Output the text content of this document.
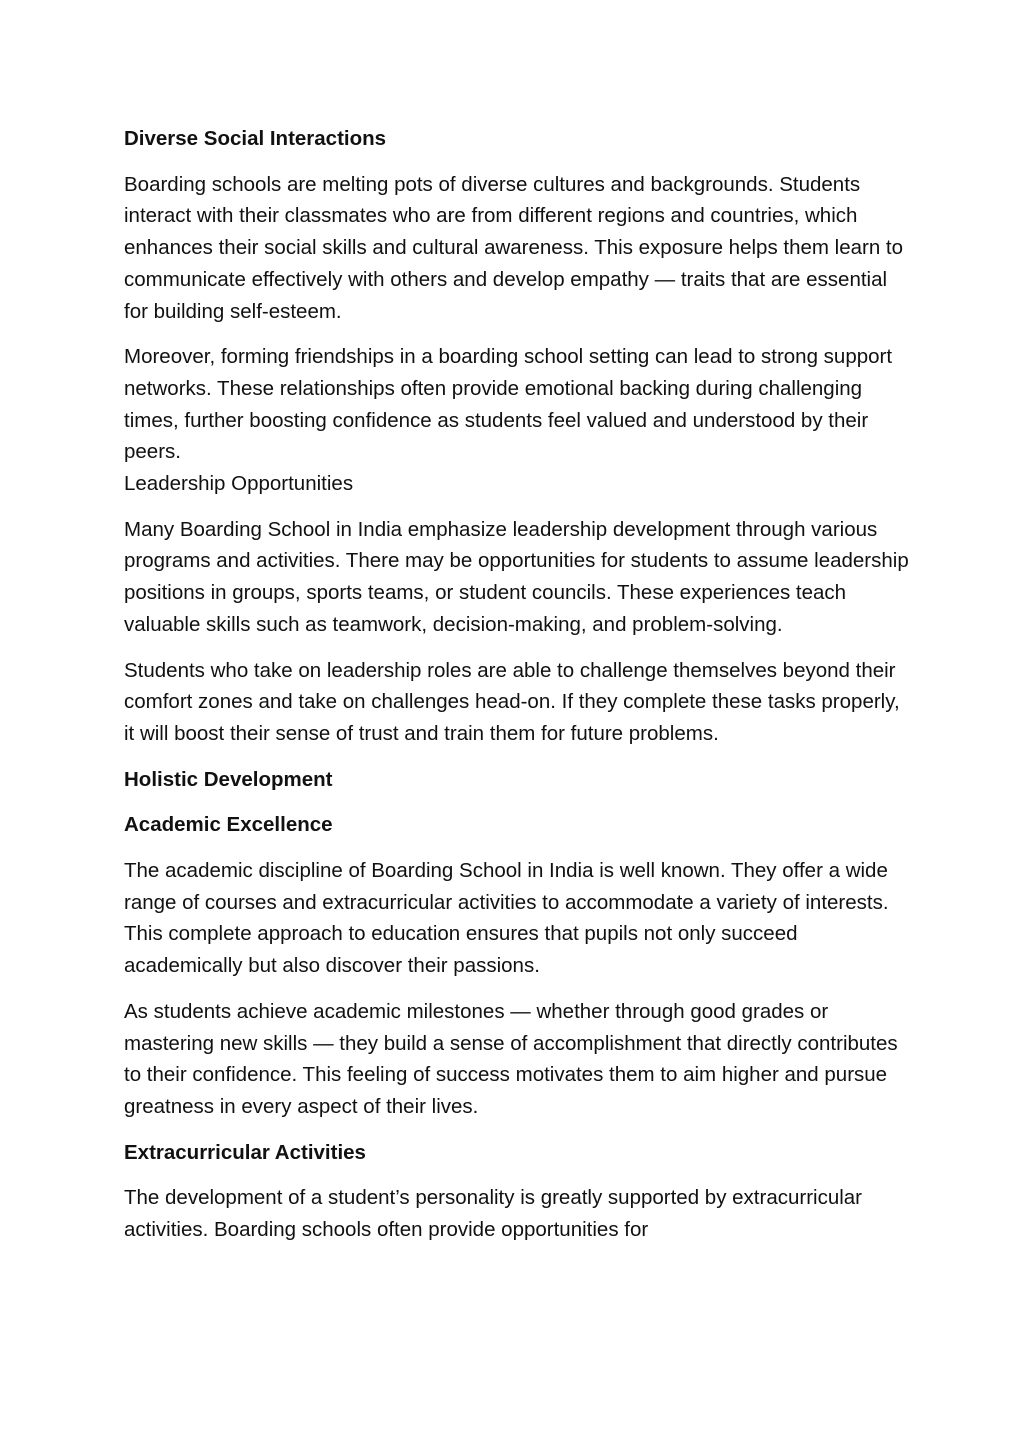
Diverse Social Interactions
Boarding schools are melting pots of diverse cultures and backgrounds. Students interact with their classmates who are from different regions and countries, which enhances their social skills and cultural awareness. This exposure helps them learn to communicate effectively with others and develop empathy — traits that are essential for building self-esteem.
Moreover, forming friendships in a boarding school setting can lead to strong support networks. These relationships often provide emotional backing during challenging times, further boosting confidence as students feel valued and understood by their peers.
Leadership Opportunities
Many Boarding School in India emphasize leadership development through various programs and activities. There may be opportunities for students to assume leadership positions in groups, sports teams, or student councils. These experiences teach valuable skills such as teamwork, decision-making, and problem-solving.
Students who take on leadership roles are able to challenge themselves beyond their comfort zones and take on challenges head-on. If they complete these tasks properly, it will boost their sense of trust and train them for future problems.
Holistic Development
Academic Excellence
The academic discipline of Boarding School in India is well known. They offer a wide range of courses and extracurricular activities to accommodate a variety of interests. This complete approach to education ensures that pupils not only succeed academically but also discover their passions.
As students achieve academic milestones — whether through good grades or mastering new skills — they build a sense of accomplishment that directly contributes to their confidence. This feeling of success motivates them to aim higher and pursue greatness in every aspect of their lives.
Extracurricular Activities
The development of a student’s personality is greatly supported by extracurricular activities. Boarding schools often provide opportunities for
